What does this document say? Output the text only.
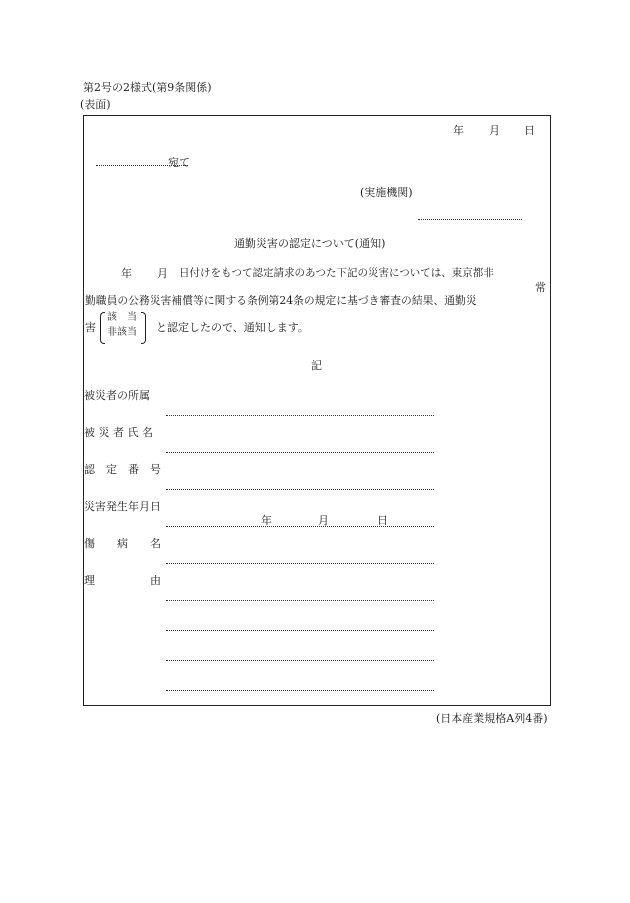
第2号の2様式(第9条関係)
(表面)
年 月 日
宛て
(実施機関)
通勤災害の認定について(通知)
年 月 日付けをもつて認定請求のあつた下記の災害については、東京都非
常
勤職員の公務災害補償等に関する条例第24条の規定に基づき審査の結果、通勤災
害
該　当
非該当 と認定したので、通知します。
記
被災者の所属
被 災 者 氏 名
認　定　番　号
災害発生年月日
年	月	日
傷　　病　　名
理　　　　　由
(日本産業規格A列4番)
